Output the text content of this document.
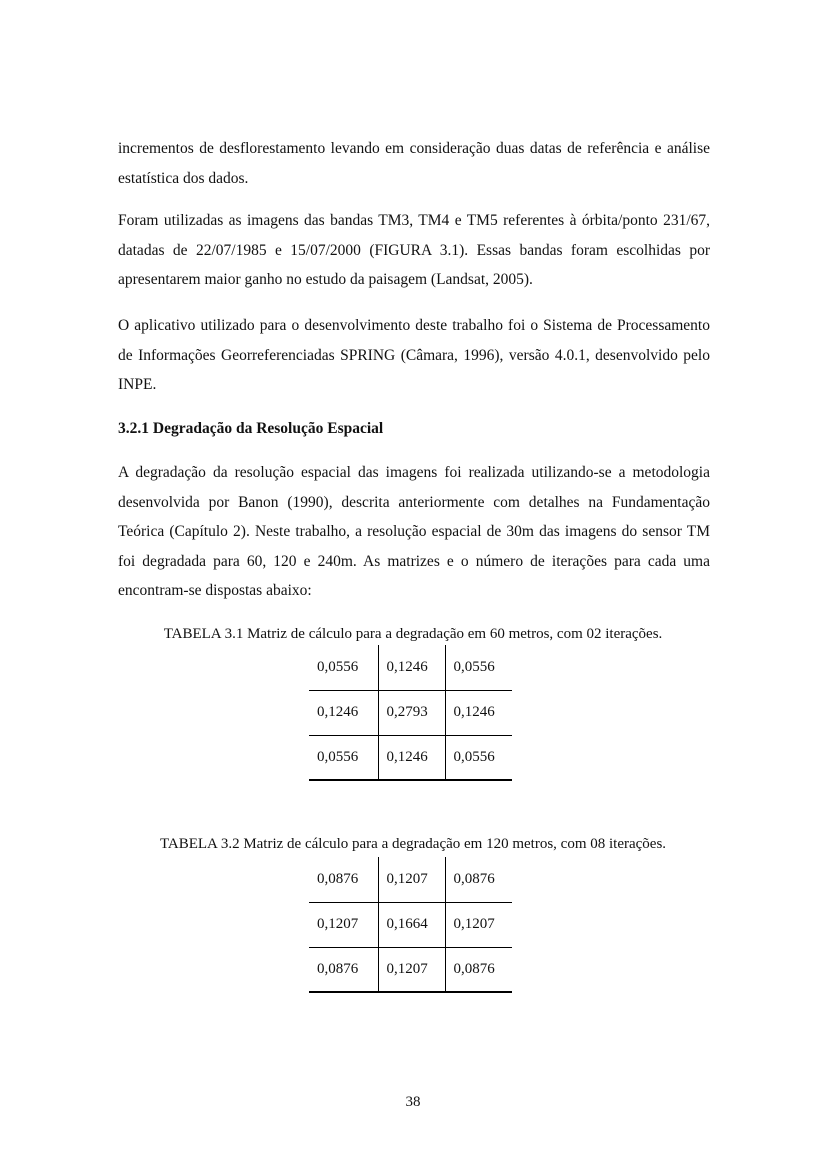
incrementos de desflorestamento levando em consideração duas datas de referência e análise estatística dos dados.

Foram utilizadas as imagens das bandas TM3, TM4 e TM5 referentes à órbita/ponto 231/67, datadas de 22/07/1985 e 15/07/2000 (FIGURA 3.1). Essas bandas foram escolhidas por apresentarem maior ganho no estudo da paisagem (Landsat, 2005).

O aplicativo utilizado para o desenvolvimento deste trabalho foi o Sistema de Processamento de Informações Georreferenciadas SPRING (Câmara, 1996), versão 4.0.1, desenvolvido pelo INPE.

3.2.1 Degradação da Resolução Espacial

A degradação da resolução espacial das imagens foi realizada utilizando-se a metodologia desenvolvida por Banon (1990), descrita anteriormente com detalhes na Fundamentação Teórica (Capítulo 2). Neste trabalho, a resolução espacial de 30m das imagens do sensor TM foi degradada para 60, 120 e 240m. As matrizes e o número de iterações para cada uma encontram-se dispostas abaixo:

TABELA 3.1 Matriz de cálculo para a degradação em 60 metros, com 02 iterações.

0,0556	0,1246	0,0556
0,1246	0,2793	0,1246
0,0556	0,1246	0,0556

TABELA 3.2 Matriz de cálculo para a degradação em 120 metros, com 08 iterações.

0,0876	0,1207	0,0876
0,1207	0,1664	0,1207
0,0876	0,1207	0,0876
38
